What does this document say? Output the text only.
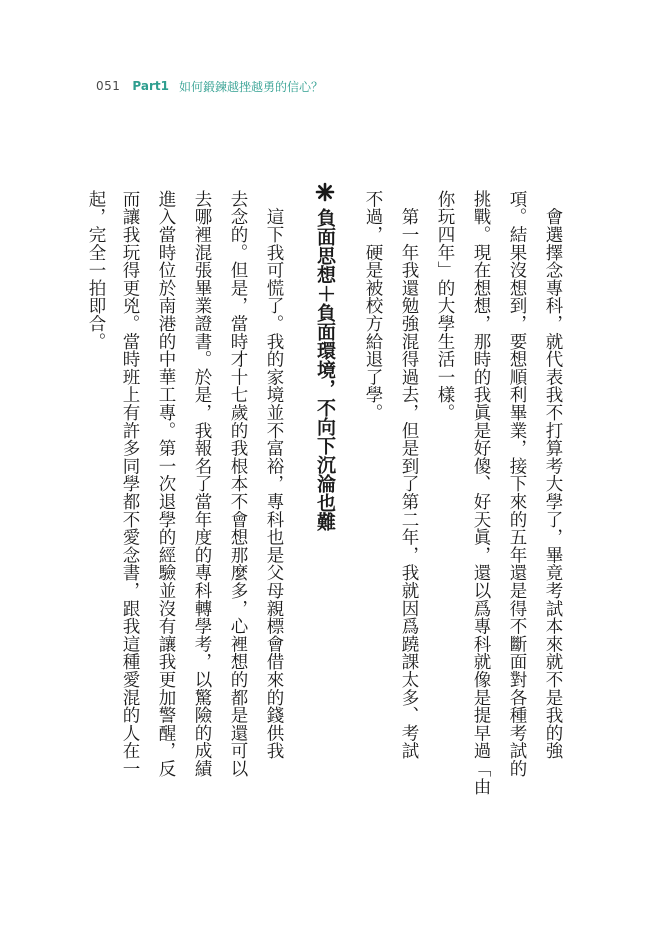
051 Part1 如何鍛鍊越挫越勇的信心？
　會選擇念專科，就代表我不打算考大學了，畢竟考試本來就不是我的強
項。結果沒想到，要想順利畢業，接下來的五年還是得不斷面對各種考試的
挑戰。現在想想，那時的我眞是好傻、好天眞，還以爲專科就像是提早過「由
你玩四年」的大學生活一樣。
　第一年我還勉強混得過去，但是到了第二年，我就因爲蹺課太多、考試
不過，硬是被校方給退了學。
負面思想＋負面環境，不向下沉淪也難
　這下我可慌了。我的家境並不富裕，專科也是父母親標會借來的錢供我
去念的。但是，當時才十七歲的我根本不會想那麼多，心裡想的都是還可以
去哪裡混張畢業證書。於是，我報名了當年度的專科轉學考，以驚險的成績
進入當時位於南港的中華工專。第一次退學的經驗並沒有讓我更加警醒，反
而讓我玩得更兇。當時班上有許多同學都不愛念書，跟我這種愛混的人在一
起，完全一拍即合。
